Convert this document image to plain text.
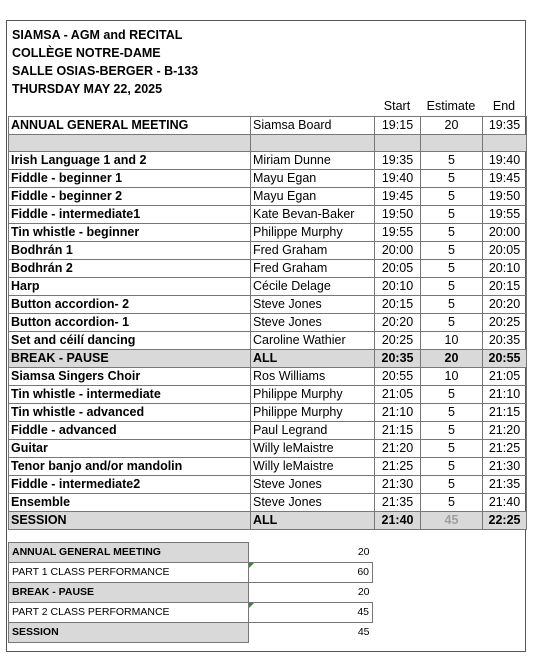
SIAMSA - AGM and RECITAL
COLLÈGE NOTRE-DAME
SALLE OSIAS-BERGER - B-133
THURSDAY MAY 22, 2025
Start	Estimate	End
ANNUAL GENERAL MEETING	Siamsa Board	19:15	20	19:35

Irish Language 1 and 2	Miriam Dunne	19:35	5	19:40
Fiddle - beginner 1	Mayu Egan	19:40	5	19:45
Fiddle - beginner 2	Mayu Egan	19:45	5	19:50
Fiddle - intermediate1	Kate Bevan-Baker	19:50	5	19:55
Tin whistle - beginner	Philippe Murphy	19:55	5	20:00
Bodhrán 1	Fred Graham	20:00	5	20:05
Bodhrán 2	Fred Graham	20:05	5	20:10
Harp	Cécile Delage	20:10	5	20:15
Button accordion- 2	Steve Jones	20:15	5	20:20
Button accordion- 1	Steve Jones	20:20	5	20:25
Set and céilí dancing	Caroline Wathier	20:25	10	20:35
BREAK - PAUSE	ALL	20:35	20	20:55
Siamsa Singers Choir	Ros Williams	20:55	10	21:05
Tin whistle - intermediate	Philippe Murphy	21:05	5	21:10
Tin whistle - advanced	Philippe Murphy	21:10	5	21:15
Fiddle - advanced	Paul Legrand	21:15	5	21:20
Guitar	Willy leMaistre	21:20	5	21:25
Tenor banjo and/or mandolin	Willy leMaistre	21:25	5	21:30
Fiddle - intermediate2	Steve Jones	21:30	5	21:35
Ensemble	Steve Jones	21:35	5	21:40
SESSION	ALL	21:40	45	22:25
ANNUAL GENERAL MEETING	20
PART 1 CLASS PERFORMANCE	60
BREAK - PAUSE	20
PART 2 CLASS PERFORMANCE	45
SESSION	45
